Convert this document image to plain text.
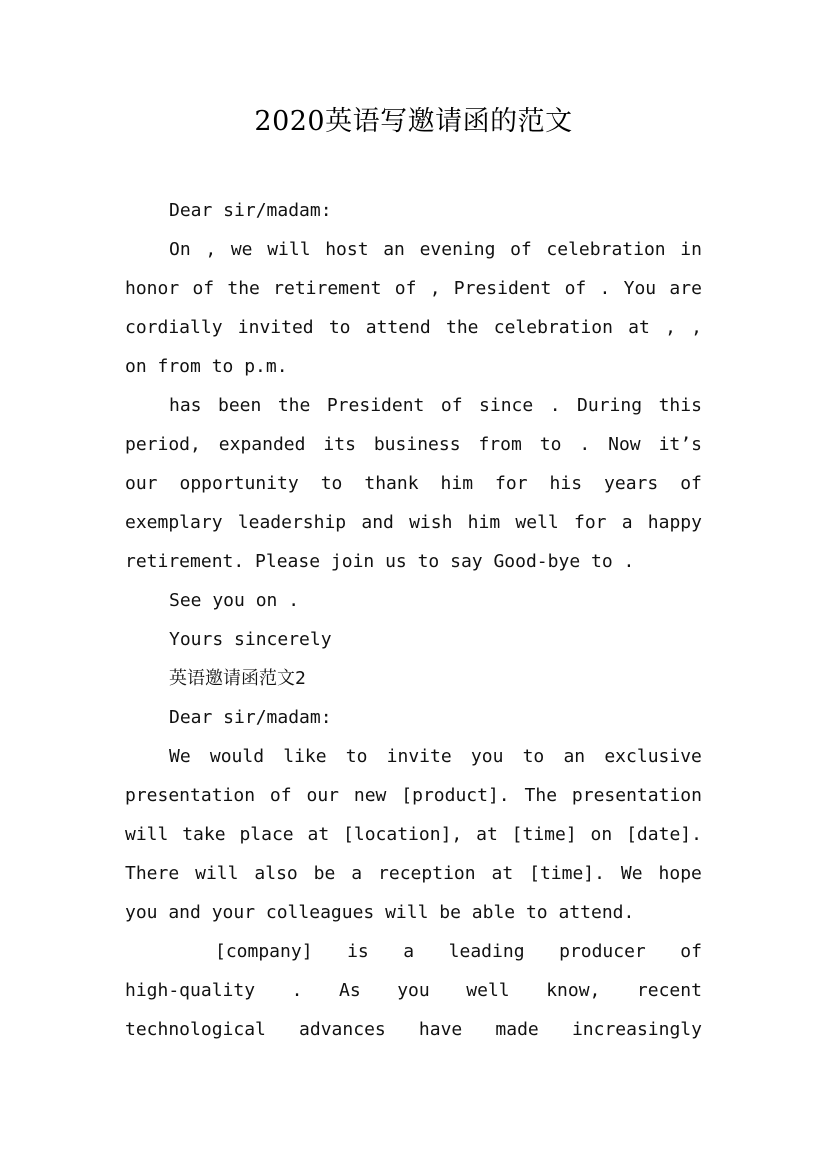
2020英语写邀请函的范文
Dear sir/madam:
On , we will host an evening of celebration in
honor of the retirement of , President of . You are
cordially invited to attend the celebration at , ,
on from to p.m.
has been the President of since . During this
period, expanded its business from to . Now it’s
our opportunity to thank him for his years of
exemplary leadership and wish him well for a happy
retirement. Please join us to say Good-bye to .
See you on .
Yours sincerely
英语邀请函范文2
Dear sir/madam:
We would like to invite you to an exclusive
presentation of our new [product]. The presentation
will take place at [location], at [time] on [date].
There will also be a reception at [time]. We hope
you and your colleagues will be able to attend.
[company] is a leading producer of
high-quality . As you well know, recent
technological advances have made increasingly
